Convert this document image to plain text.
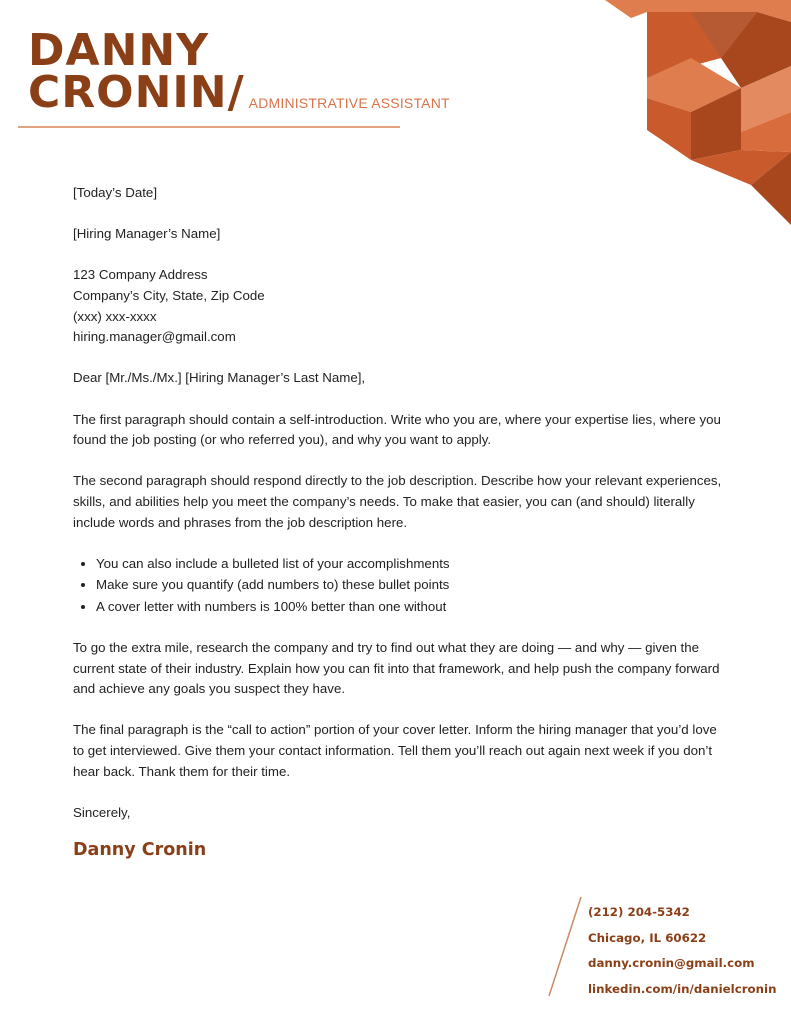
DANNY
CRONIN/ ADMINISTRATIVE ASSISTANT

[Today’s Date]

[Hiring Manager’s Name]

123 Company Address
Company’s City, State, Zip Code
(xxx) xxx-xxxx
hiring.manager@gmail.com

Dear [Mr./Ms./Mx.] [Hiring Manager’s Last Name],

The first paragraph should contain a self-introduction. Write who you are, where your expertise lies, where you found the job posting (or who referred you), and why you want to apply.

The second paragraph should respond directly to the job description. Describe how your relevant experiences, skills, and abilities help you meet the company’s needs. To make that easier, you can (and should) literally include words and phrases from the job description here.

• You can also include a bulleted list of your accomplishments
• Make sure you quantify (add numbers to) these bullet points
• A cover letter with numbers is 100% better than one without

To go the extra mile, research the company and try to find out what they are doing — and why — given the current state of their industry. Explain how you can fit into that framework, and help push the company forward and achieve any goals you suspect they have.

The final paragraph is the “call to action” portion of your cover letter. Inform the hiring manager that you’d love to get interviewed. Give them your contact information. Tell them you’ll reach out again next week if you don’t hear back. Thank them for their time.

Sincerely,

Danny Cronin
(212) 204-5342
Chicago, IL 60622
danny.cronin@gmail.com
linkedin.com/in/danielcronin
